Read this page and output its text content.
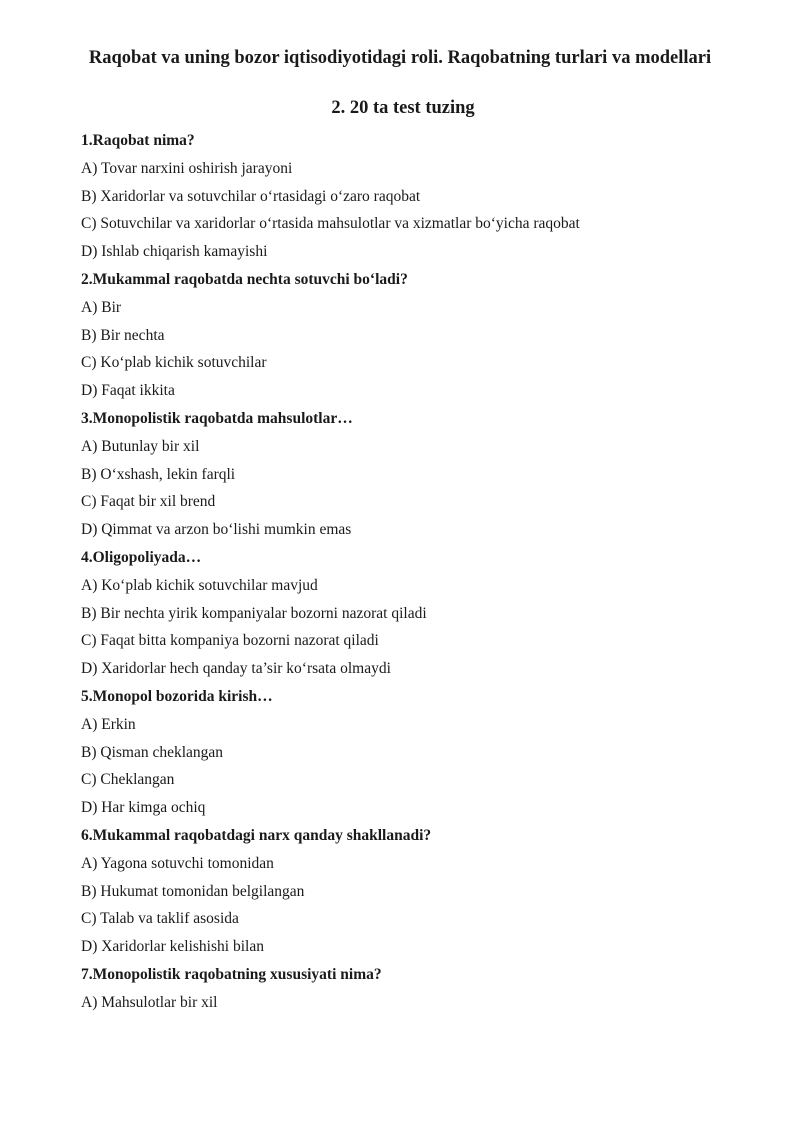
Raqobat va uning bozor iqtisodiyotidagi roli. Raqobatning turlari va modellari
2. 20 ta test tuzing
1.Raqobat nima?
A) Tovar narxini oshirish jarayoni
B) Xaridorlar va sotuvchilar o‘rtasidagi o‘zaro raqobat
C) Sotuvchilar va xaridorlar o‘rtasida mahsulotlar va xizmatlar bo‘yicha raqobat
D) Ishlab chiqarish kamayishi
2.Mukammal raqobatda nechta sotuvchi bo‘ladi?
A) Bir
B) Bir nechta
C) Ko‘plab kichik sotuvchilar
D) Faqat ikkita
3.Monopolistik raqobatda mahsulotlar…
A) Butunlay bir xil
B) O‘xshash, lekin farqli
C) Faqat bir xil brend
D) Qimmat va arzon bo‘lishi mumkin emas
4.Oligopoliyada…
A) Ko‘plab kichik sotuvchilar mavjud
B) Bir nechta yirik kompaniyalar bozorni nazorat qiladi
C) Faqat bitta kompaniya bozorni nazorat qiladi
D) Xaridorlar hech qanday ta’sir ko‘rsata olmaydi
5.Monopol bozorida kirish…
A) Erkin
B) Qisman cheklangan
C) Cheklangan
D) Har kimga ochiq
6.Mukammal raqobatdagi narx qanday shakllanadi?
A) Yagona sotuvchi tomonidan
B) Hukumat tomonidan belgilangan
C) Talab va taklif asosida
D) Xaridorlar kelishishi bilan
7.Monopolistik raqobatning xususiyati nima?
A) Mahsulotlar bir xil
